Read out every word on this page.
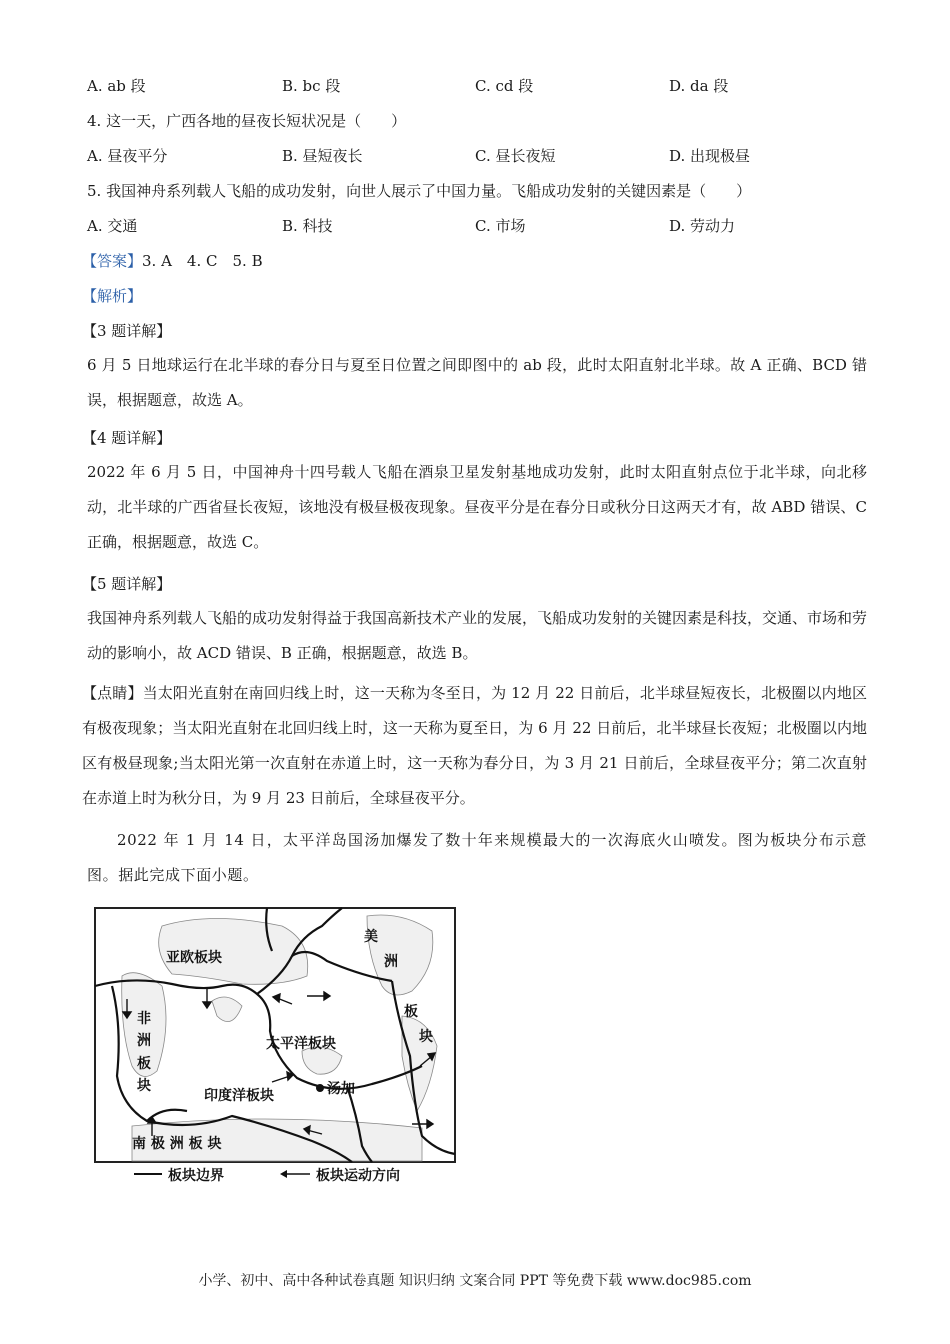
A. ab 段	B. bc 段	C. cd 段	D. da 段
4. 这一天，广西各地的昼夜长短状况是（　　）
A. 昼夜平分	B. 昼短夜长	C. 昼长夜短	D. 出现极昼
5. 我国神舟系列载人飞船的成功发射，向世人展示了中国力量。飞船成功发射的关键因素是（　　）
A. 交通	B. 科技	C. 市场	D. 劳动力
【答案】3. A　4. C　5. B
【解析】
【3 题详解】
6 月 5 日地球运行在北半球的春分日与夏至日位置之间即图中的 ab 段，此时太阳直射北半球。故 A 正确、BCD 错误，根据题意，故选 A。
【4 题详解】
2022 年 6 月 5 日，中国神舟十四号载人飞船在酒泉卫星发射基地成功发射，此时太阳直射点位于北半球，向北移动，北半球的广西省昼长夜短，该地没有极昼极夜现象。昼夜平分是在春分日或秋分日这两天才有，故 ABD 错误、C 正确，根据题意，故选 C。
【5 题详解】
我国神舟系列载人飞船的成功发射得益于我国高新技术产业的发展，飞船成功发射的关键因素是科技，交通、市场和劳动的影响小，故 ACD 错误、B 正确，根据题意，故选 B。
【点睛】当太阳光直射在南回归线上时，这一天称为冬至日，为 12 月 22 日前后，北半球昼短夜长，北极圈以内地区有极夜现象；当太阳光直射在北回归线上时，这一天称为夏至日，为 6 月 22 日前后，北半球昼长夜短；北极圈以内地区有极昼现象;当太阳光第一次直射在赤道上时，这一天称为春分日，为 3 月 21 日前后，全球昼夜平分；第二次直射在赤道上时为秋分日，为 9 月 23 日前后，全球昼夜平分。
2022 年 1 月 14 日，太平洋岛国汤加爆发了数十年来规模最大的一次海底火山喷发。图为板块分布示意图。据此完成下面小题。
亚欧板块
美
洲
板
块
非
洲
板
块
太平洋板块
印度洋板块
南 极 洲 板 块
汤加
板块边界	板块运动方向
小学、初中、高中各种试卷真题 知识归纳 文案合同 PPT 等免费下载 www.doc985.com
